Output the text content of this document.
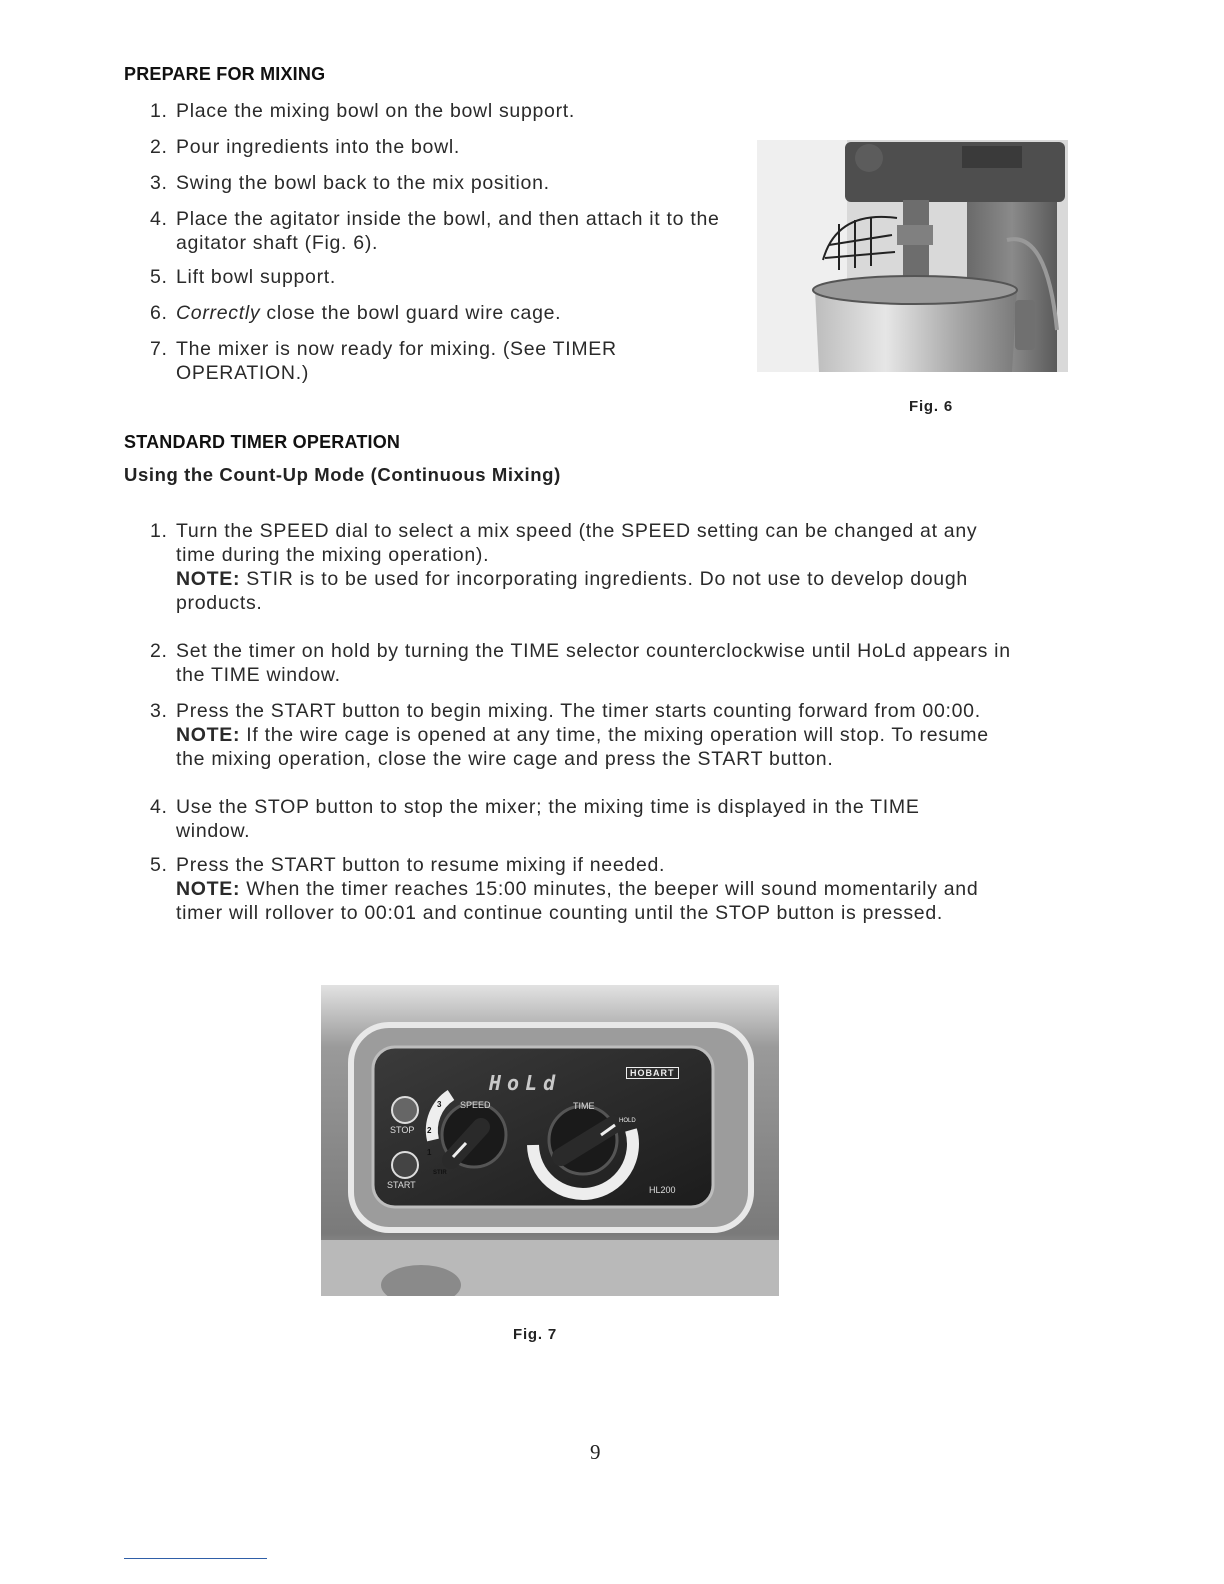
PREPARE FOR MIXING
1. Place the mixing bowl on the bowl support.
2. Pour ingredients into the bowl.
3. Swing the bowl back to the mix position.
4. Place the agitator inside the bowl, and then attach it to the
agitator shaft (Fig. 6).
5. Lift bowl support.
6. Correctly close the bowl guard wire cage.
7. The mixer is now ready for mixing. (See TIMER
OPERATION.)
Fig. 6
STANDARD TIMER OPERATION
Using the Count-Up Mode (Continuous Mixing)
1. Turn the SPEED dial to select a mix speed (the SPEED setting can be changed at any
time during the mixing operation).
NOTE: STIR is to be used for incorporating ingredients. Do not use to develop dough
products.
2. Set the timer on hold by turning the TIME selector counterclockwise until HoLd appears in
the TIME window.
3. Press the START button to begin mixing. The timer starts counting forward from 00:00.
NOTE: If the wire cage is opened at any time, the mixing operation will stop. To resume
the mixing operation, close the wire cage and press the START button.
4. Use the STOP button to stop the mixer; the mixing time is displayed in the TIME
window.
5. Press the START button to resume mixing if needed.
NOTE: When the timer reaches 15:00 minutes, the beeper will sound momentarily and
timer will rollover to 00:01 and continue counting until the STOP button is pressed.
HoLd	HOBART
SPEED	TIME
STOP
START
3
2
1
STIR
HOLD
HL200
Fig. 7
9
